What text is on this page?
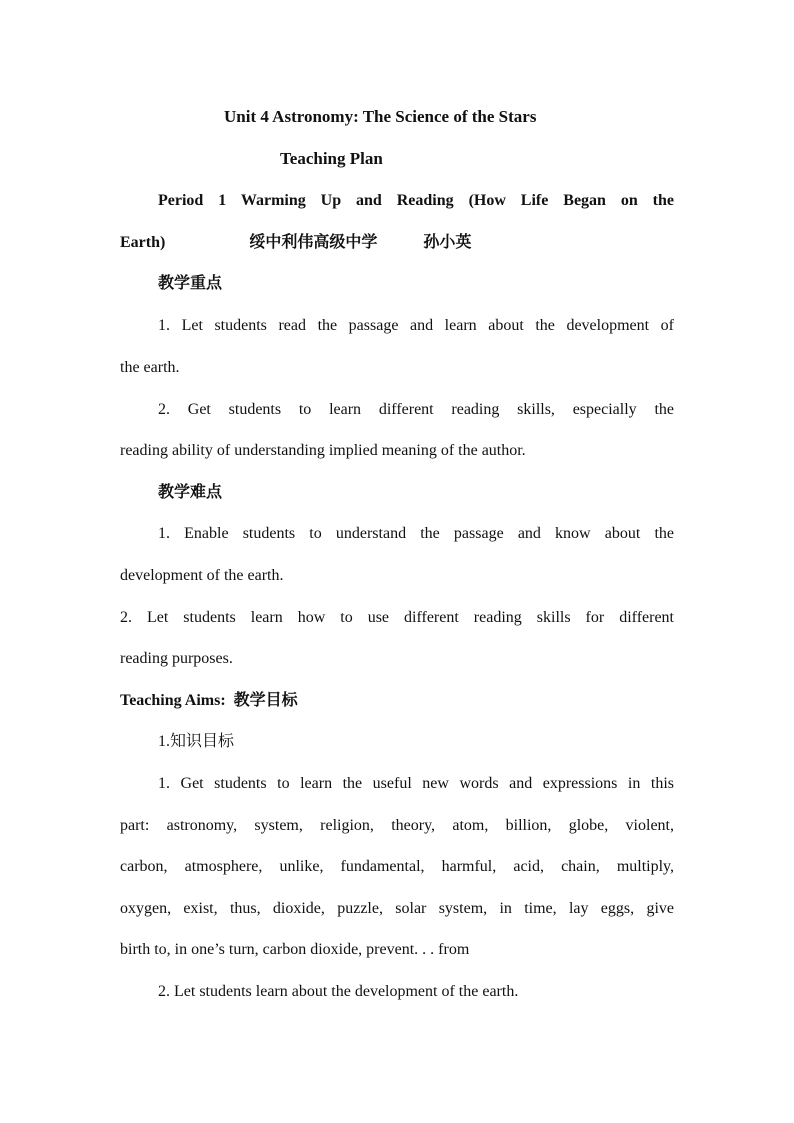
Unit 4 Astronomy: The Science of the Stars
Teaching Plan
Period 1 Warming Up and Reading (How Life Began on the
Earth)	绥中利伟高级中学	孙小英
教学重点
1. Let students read the passage and learn about the development of
the earth.
2. Get students to learn different reading skills, especially the
reading ability of understanding implied meaning of the author.
教学难点
1. Enable students to understand the passage and know about the
development of the earth.
2. Let students learn how to use different reading skills for different
reading purposes.
Teaching Aims: 教学目标
1.知识目标
1. Get students to learn the useful new words and expressions in this
part: astronomy, system, religion, theory, atom, billion, globe, violent,
carbon, atmosphere, unlike, fundamental, harmful, acid, chain, multiply,
oxygen, exist, thus, dioxide, puzzle, solar system, in time, lay eggs, give
birth to, in one’s turn, carbon dioxide, prevent. . . from
2. Let students learn about the development of the earth.
